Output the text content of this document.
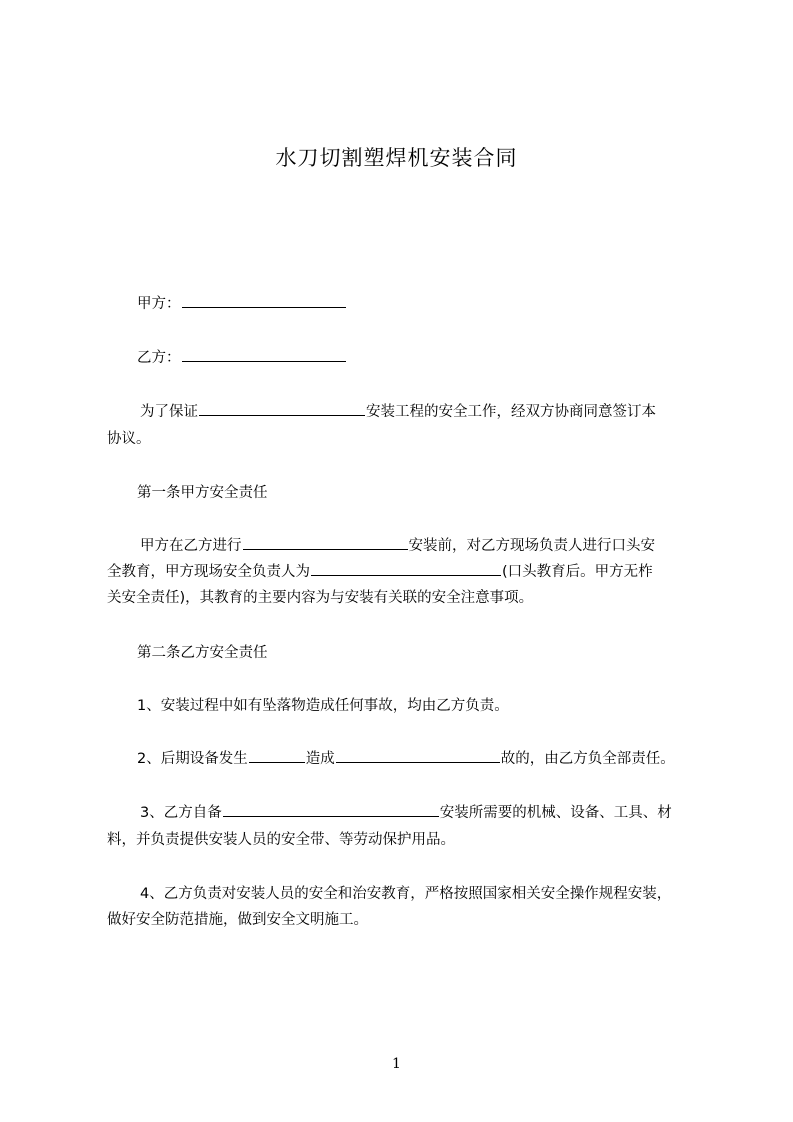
水刀切割塑焊机安装合同
甲方：
乙方：
为了保证	安装工程的安全工作，经双方协商同意签订本
协议。
第一条甲方安全责任
甲方在乙方进行	安装前，对乙方现场负责人进行口头安
全教育，甲方现场安全负责人为	(口头教育后。甲方无柞
关安全责任)，其教育的主要内容为与安装有关联的安全注意事项。
第二条乙方安全责任
1、安装过程中如有坠落物造成任何事故，均由乙方负责。
2、后期设备发生	造成	故的，由乙方负全部责任。
3、乙方自备	安装所需要的机械、设备、工具、材
料，并负责提供安装人员的安全带、等劳动保护用品。
4、乙方负责对安装人员的安全和治安教育，严格按照国家相关安全操作规程安装，
做好安全防范措施，做到安全文明施工。
1
